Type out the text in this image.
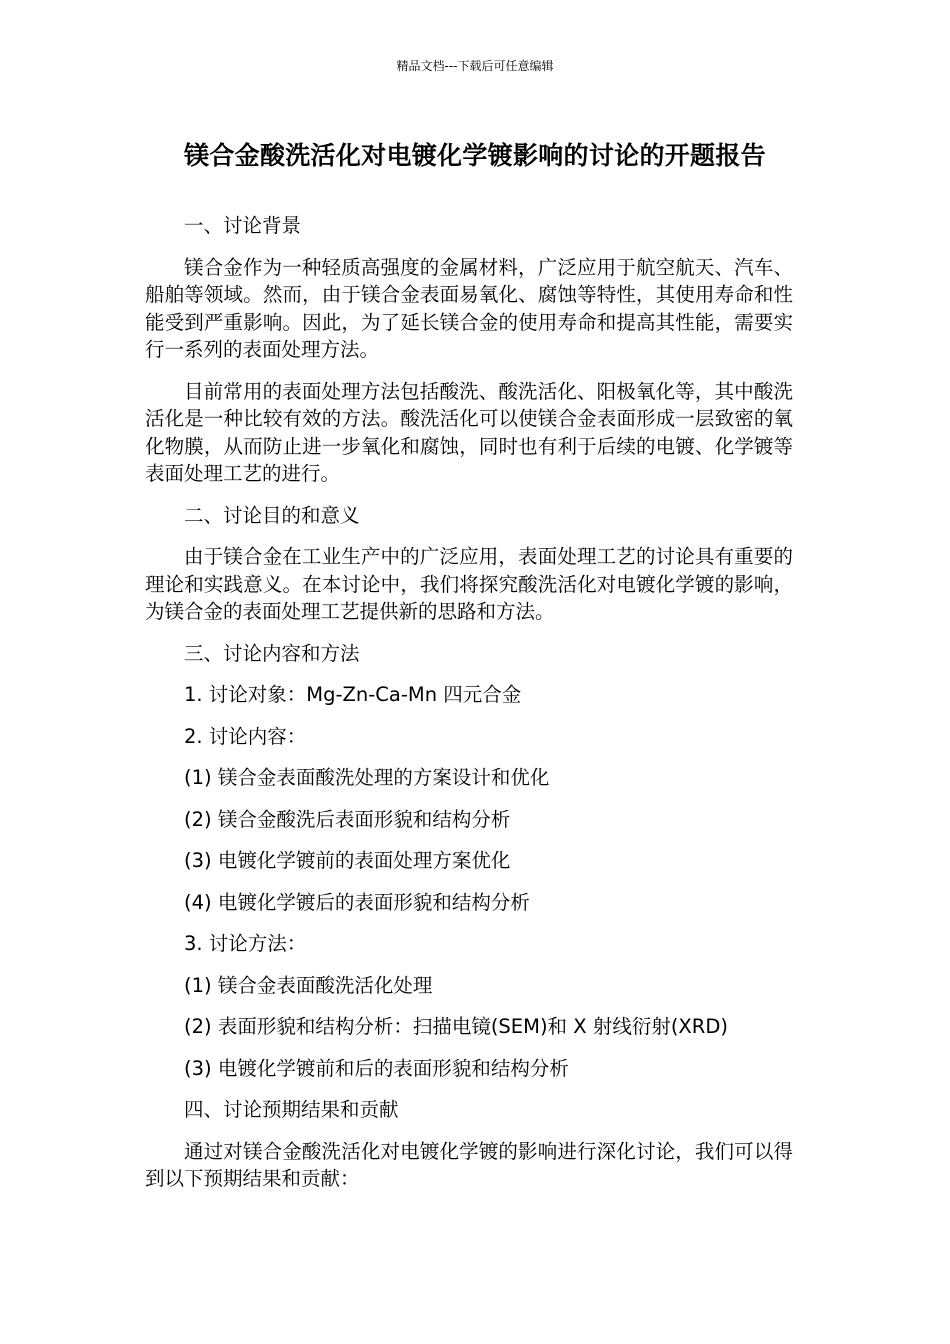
精品文档---下载后可任意编辑
镁合金酸洗活化对电镀化学镀影响的讨论的开题报告

一、讨论背景

镁合金作为一种轻质高强度的金属材料，广泛应用于航空航天、汽车、船舶等领域。然而，由于镁合金表面易氧化、腐蚀等特性，其使用寿命和性能受到严重影响。因此，为了延长镁合金的使用寿命和提高其性能，需要实行一系列的表面处理方法。

目前常用的表面处理方法包括酸洗、酸洗活化、阳极氧化等，其中酸洗活化是一种比较有效的方法。酸洗活化可以使镁合金表面形成一层致密的氧化物膜，从而防止进一步氧化和腐蚀，同时也有利于后续的电镀、化学镀等表面处理工艺的进行。

二、讨论目的和意义

由于镁合金在工业生产中的广泛应用，表面处理工艺的讨论具有重要的理论和实践意义。在本讨论中，我们将探究酸洗活化对电镀化学镀的影响，为镁合金的表面处理工艺提供新的思路和方法。

三、讨论内容和方法

1. 讨论对象：Mg-Zn-Ca-Mn 四元合金

2. 讨论内容：

(1) 镁合金表面酸洗处理的方案设计和优化

(2) 镁合金酸洗后表面形貌和结构分析

(3) 电镀化学镀前的表面处理方案优化

(4) 电镀化学镀后的表面形貌和结构分析

3. 讨论方法：

(1) 镁合金表面酸洗活化处理

(2) 表面形貌和结构分析：扫描电镜(SEM)和 X 射线衍射(XRD)

(3) 电镀化学镀前和后的表面形貌和结构分析

四、讨论预期结果和贡献

通过对镁合金酸洗活化对电镀化学镀的影响进行深化讨论，我们可以得到以下预期结果和贡献：
